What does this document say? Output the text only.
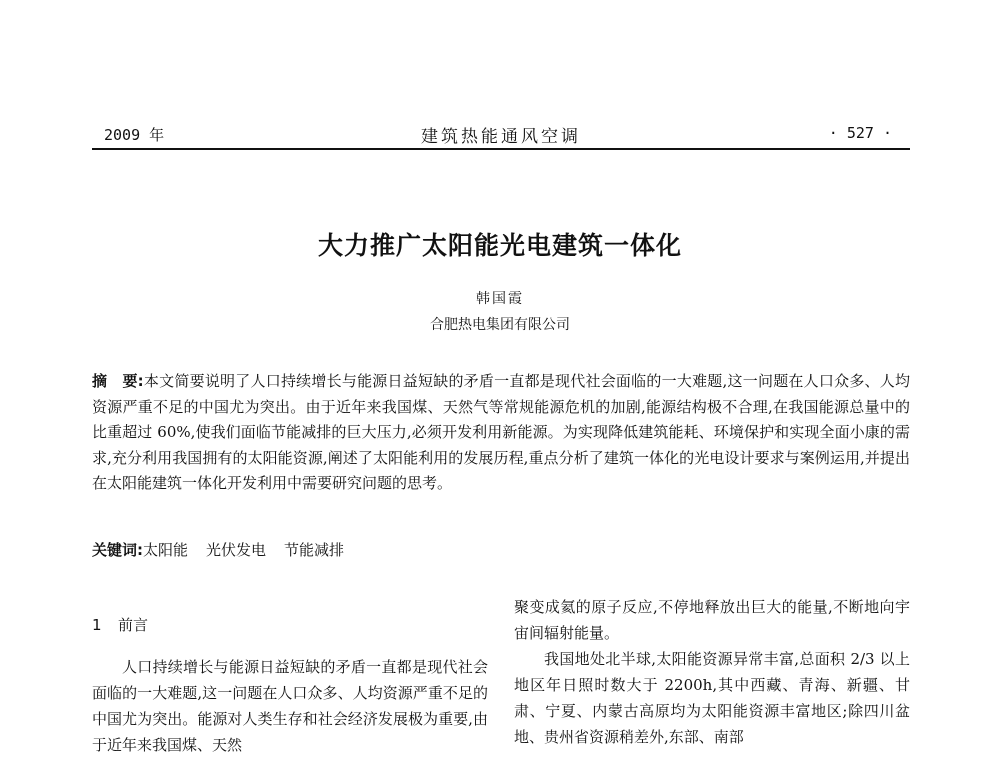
2009 年	建筑热能通风空调	· 527 ·
大力推广太阳能光电建筑一体化
韩国霞
合肥热电集团有限公司

摘　要:本文简要说明了人口持续增长与能源日益短缺的矛盾一直都是现代社会面临的一大难题,这一问题在人口众多、人均资源严重不足的中国尤为突出。由于近年来我国煤、天然气等常规能源危机的加剧,能源结构极不合理,在我国能源总量中的比重超过 60%,使我们面临节能减排的巨大压力,必须开发利用新能源。为实现降低建筑能耗、环境保护和实现全面小康的需求,充分利用我国拥有的太阳能资源,阐述了太阳能利用的发展历程,重点分析了建筑一体化的光电设计要求与案例运用,并提出在太阳能建筑一体化开发利用中需要研究问题的思考。

关键词:太阳能 光伏发电 节能减排
1 前言

人口持续增长与能源日益短缺的矛盾一直都是现代社会面临的一大难题,这一问题在人口众多、人均资源严重不足的中国尤为突出。能源对人类生存和社会经济发展极为重要,由于近年来我国煤、天然

聚变成氦的原子反应,不停地释放出巨大的能量,不断地向宇宙间辐射能量。

我国地处北半球,太阳能资源异常丰富,总面积 2/3 以上地区年日照时数大于 2200h,其中西藏、青海、新疆、甘肃、宁夏、内蒙古高原均为太阳能资源丰富地区;除四川盆地、贵州省资源稍差外,东部、南部
